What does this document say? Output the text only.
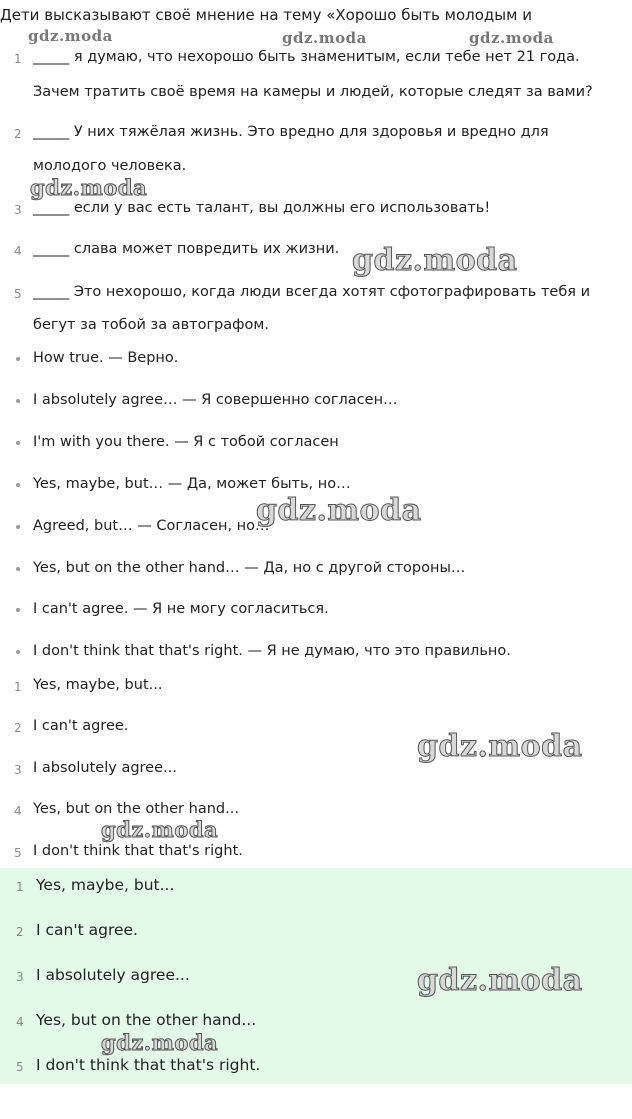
Дети высказывают своё мнение на тему «Хорошо быть молодым и
1 _____ я думаю, что нехорошо быть знаменитым, если тебе нет 21 года.
Зачем тратить своё время на камеры и людей, которые следят за вами?
2 _____ У них тяжёлая жизнь. Это вредно для здоровья и вредно для
молодого человека.
3 _____ если у вас есть талант, вы должны его использовать!
4 _____ слава может повредить их жизни.
5 _____ Это нехорошо, когда люди всегда хотят сфотографировать тебя и
бегут за тобой за автографом.
How true. — Верно.
I absolutely agree… — Я совершенно согласен…
I'm with you there. — Я с тобой согласен
Yes, maybe, but… — Да, может быть, но…
Agreed, but… — Согласен, но…
Yes, but on the other hand… — Да, но с другой стороны…
I can't agree. — Я не могу согласиться.
I don't think that that's right. — Я не думаю, что это правильно.
1 Yes, maybe, but...
2 I can't agree.
3 I absolutely agree...
4 Yes, but on the other hand...
5 I don't think that that's right.
1 Yes, maybe, but...
2 I can't agree.
3 I absolutely agree...
4 Yes, but on the other hand...
5 I don't think that that's right.
gdz.moda	gdz.moda	gdz.moda
gdz.moda
gdz.moda
gdz.moda
gdz.moda
gdz.moda
gdz.moda
gdz.moda
